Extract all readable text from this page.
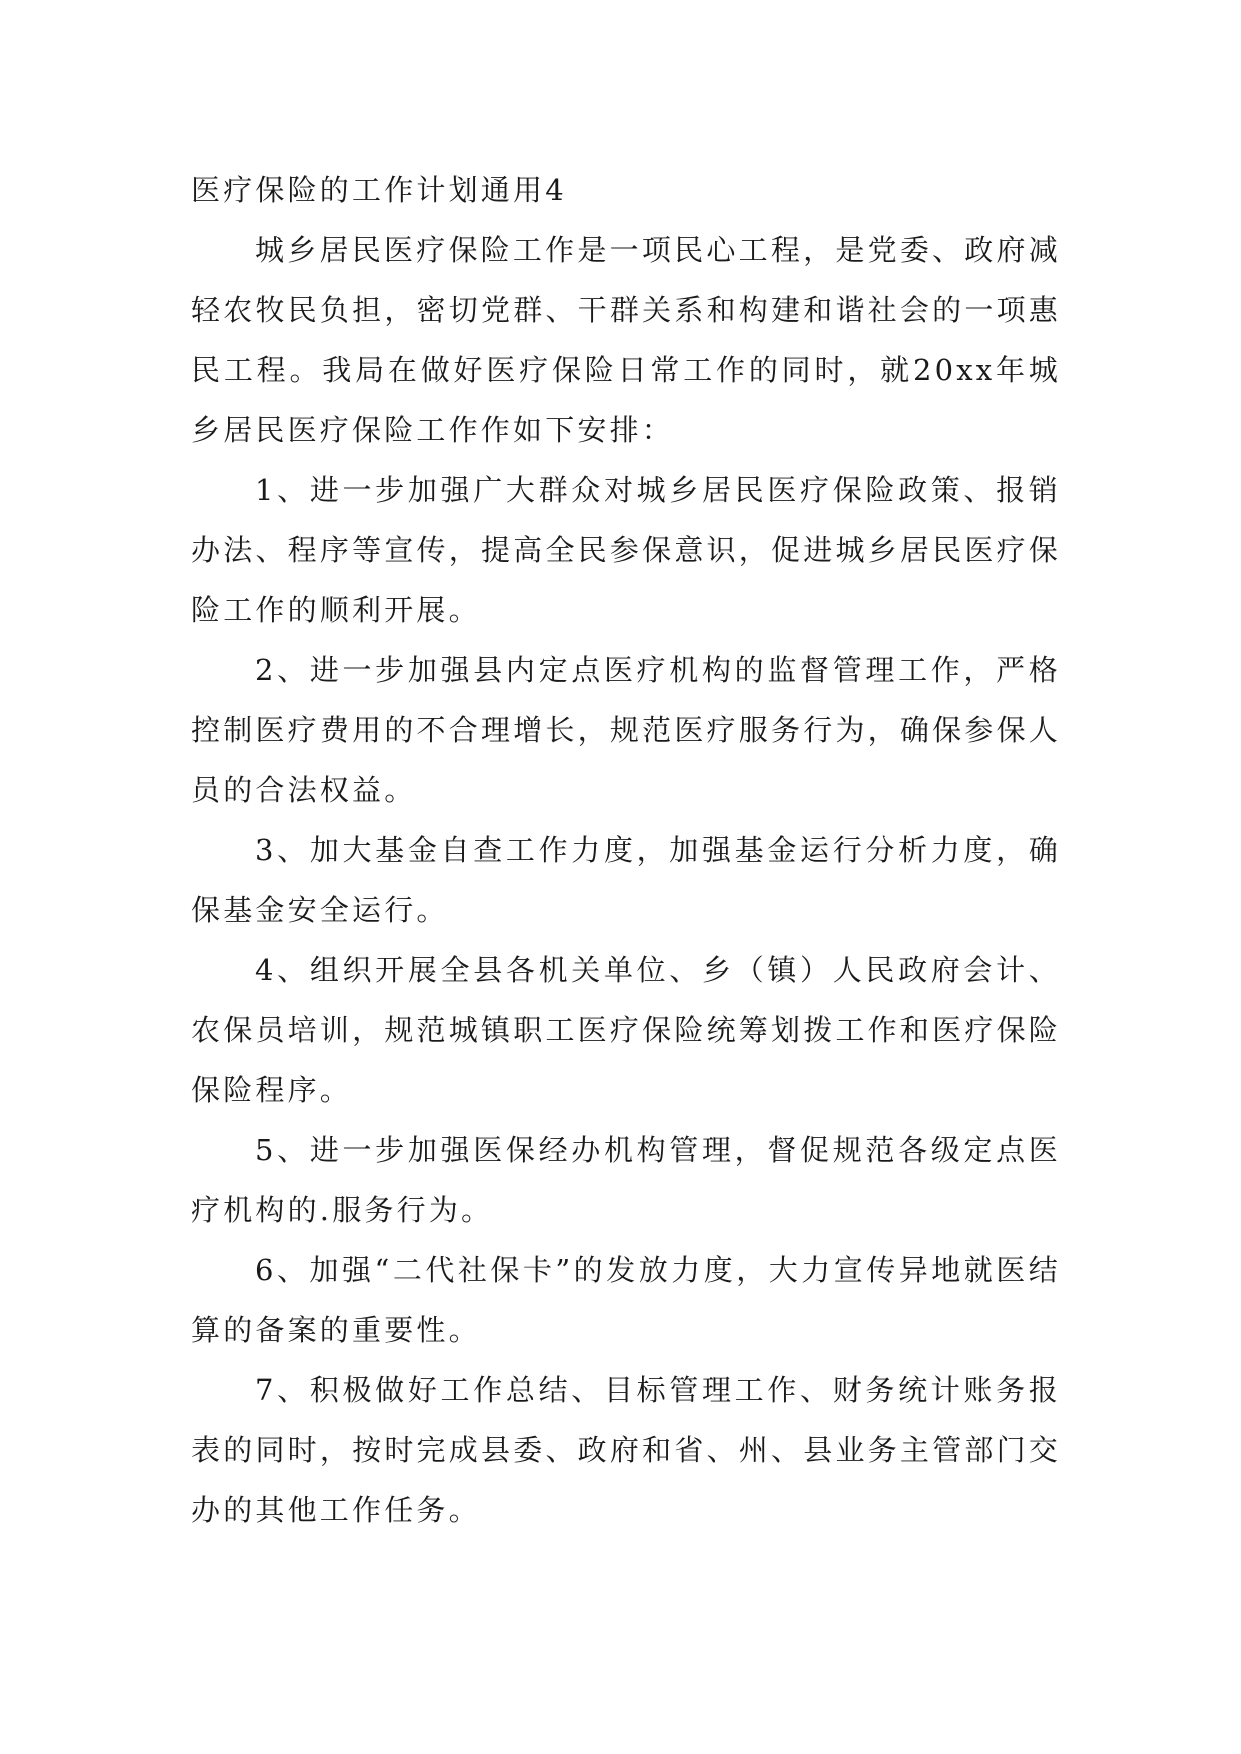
医疗保险的工作计划通用4

城乡居民医疗保险工作是一项民心工程，是党委、政府减轻农牧民负担，密切党群、干群关系和构建和谐社会的一项惠民工程。我局在做好医疗保险日常工作的同时，就20xx年城乡居民医疗保险工作作如下安排：

1、进一步加强广大群众对城乡居民医疗保险政策、报销办法、程序等宣传，提高全民参保意识，促进城乡居民医疗保险工作的顺利开展。

2、进一步加强县内定点医疗机构的监督管理工作，严格控制医疗费用的不合理增长，规范医疗服务行为，确保参保人员的合法权益。

3、加大基金自查工作力度，加强基金运行分析力度，确保基金安全运行。

4、组织开展全县各机关单位、乡（镇）人民政府会计、农保员培训，规范城镇职工医疗保险统筹划拨工作和医疗保险保险程序。

5、进一步加强医保经办机构管理，督促规范各级定点医疗机构的.服务行为。

6、加强“二代社保卡”的发放力度，大力宣传异地就医结算的备案的重要性。

7、积极做好工作总结、目标管理工作、财务统计账务报表的同时，按时完成县委、政府和省、州、县业务主管部门交办的其他工作任务。
